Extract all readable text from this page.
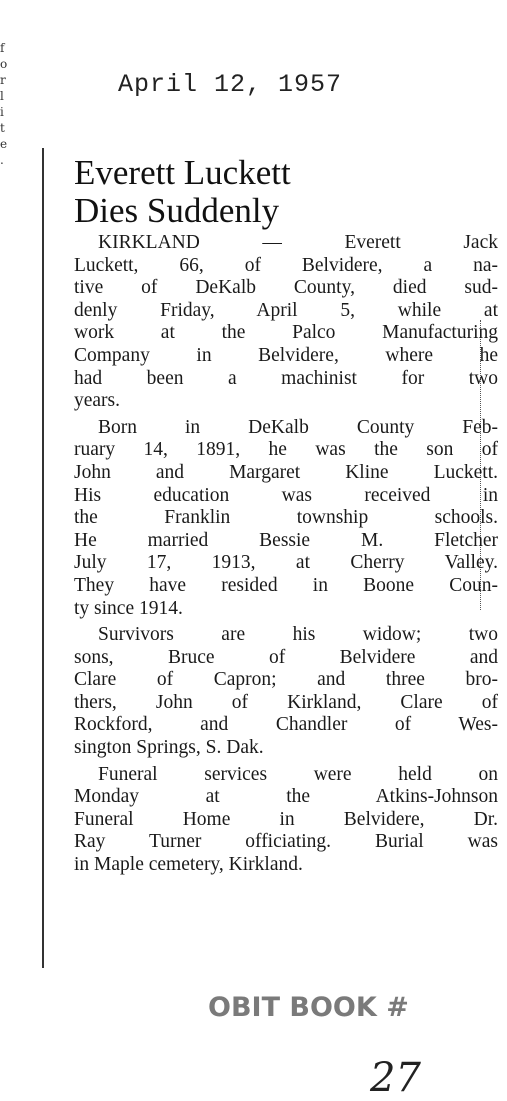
f
o
r
l
i
t
e
.
April 12, 1957
Everett Luckett
Dies Suddenly

KIRKLAND — Everett Jack
Luckett, 66, of Belvidere, a na-
tive of DeKalb County, died sud-
denly Friday, April 5, while at
work at the Palco Manufacturing
Company in Belvidere, where he
had been a machinist for two
years.

Born in DeKalb County Feb-
ruary 14, 1891, he was the son of
John and Margaret Kline Luckett.
His education was received in
the Franklin township schools.
He married Bessie M. Fletcher
July 17, 1913, at Cherry Valley.
They have resided in Boone Coun-
ty since 1914.

Survivors are his widow; two
sons, Bruce of Belvidere and
Clare of Capron; and three bro-
thers, John of Kirkland, Clare of
Rockford, and Chandler of Wes-
sington Springs, S. Dak.

Funeral services were held on
Monday at the Atkins-Johnson
Funeral Home in Belvidere, Dr.
Ray Turner officiating. Burial was
in Maple cemetery, Kirkland.

OBIT BOOK #
27
